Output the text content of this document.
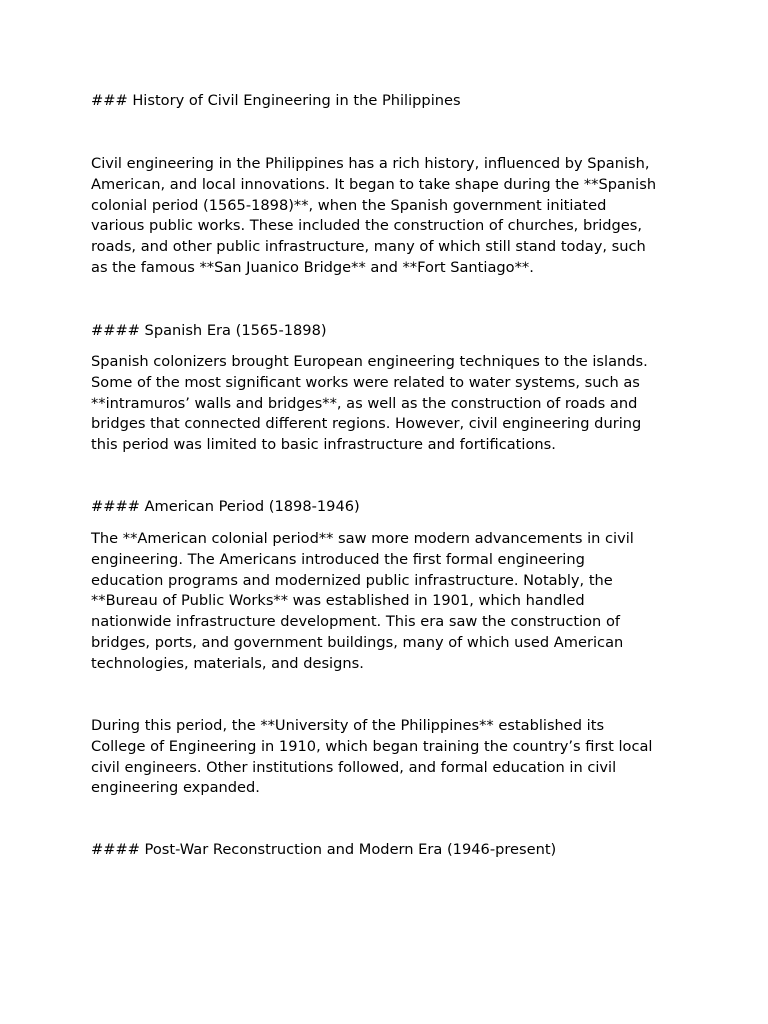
### History of Civil Engineering in the Philippines
Civil engineering in the Philippines has a rich history, influenced by Spanish,
American, and local innovations. It began to take shape during the **Spanish
colonial period (1565-1898)**, when the Spanish government initiated
various public works. These included the construction of churches, bridges,
roads, and other public infrastructure, many of which still stand today, such
as the famous **San Juanico Bridge** and **Fort Santiago**.
#### Spanish Era (1565-1898)
Spanish colonizers brought European engineering techniques to the islands.
Some of the most significant works were related to water systems, such as
**intramuros’ walls and bridges**, as well as the construction of roads and
bridges that connected different regions. However, civil engineering during
this period was limited to basic infrastructure and fortifications.
#### American Period (1898-1946)
The **American colonial period** saw more modern advancements in civil
engineering. The Americans introduced the first formal engineering
education programs and modernized public infrastructure. Notably, the
**Bureau of Public Works** was established in 1901, which handled
nationwide infrastructure development. This era saw the construction of
bridges, ports, and government buildings, many of which used American
technologies, materials, and designs.
During this period, the **University of the Philippines** established its
College of Engineering in 1910, which began training the country’s first local
civil engineers. Other institutions followed, and formal education in civil
engineering expanded.
#### Post-War Reconstruction and Modern Era (1946-present)
